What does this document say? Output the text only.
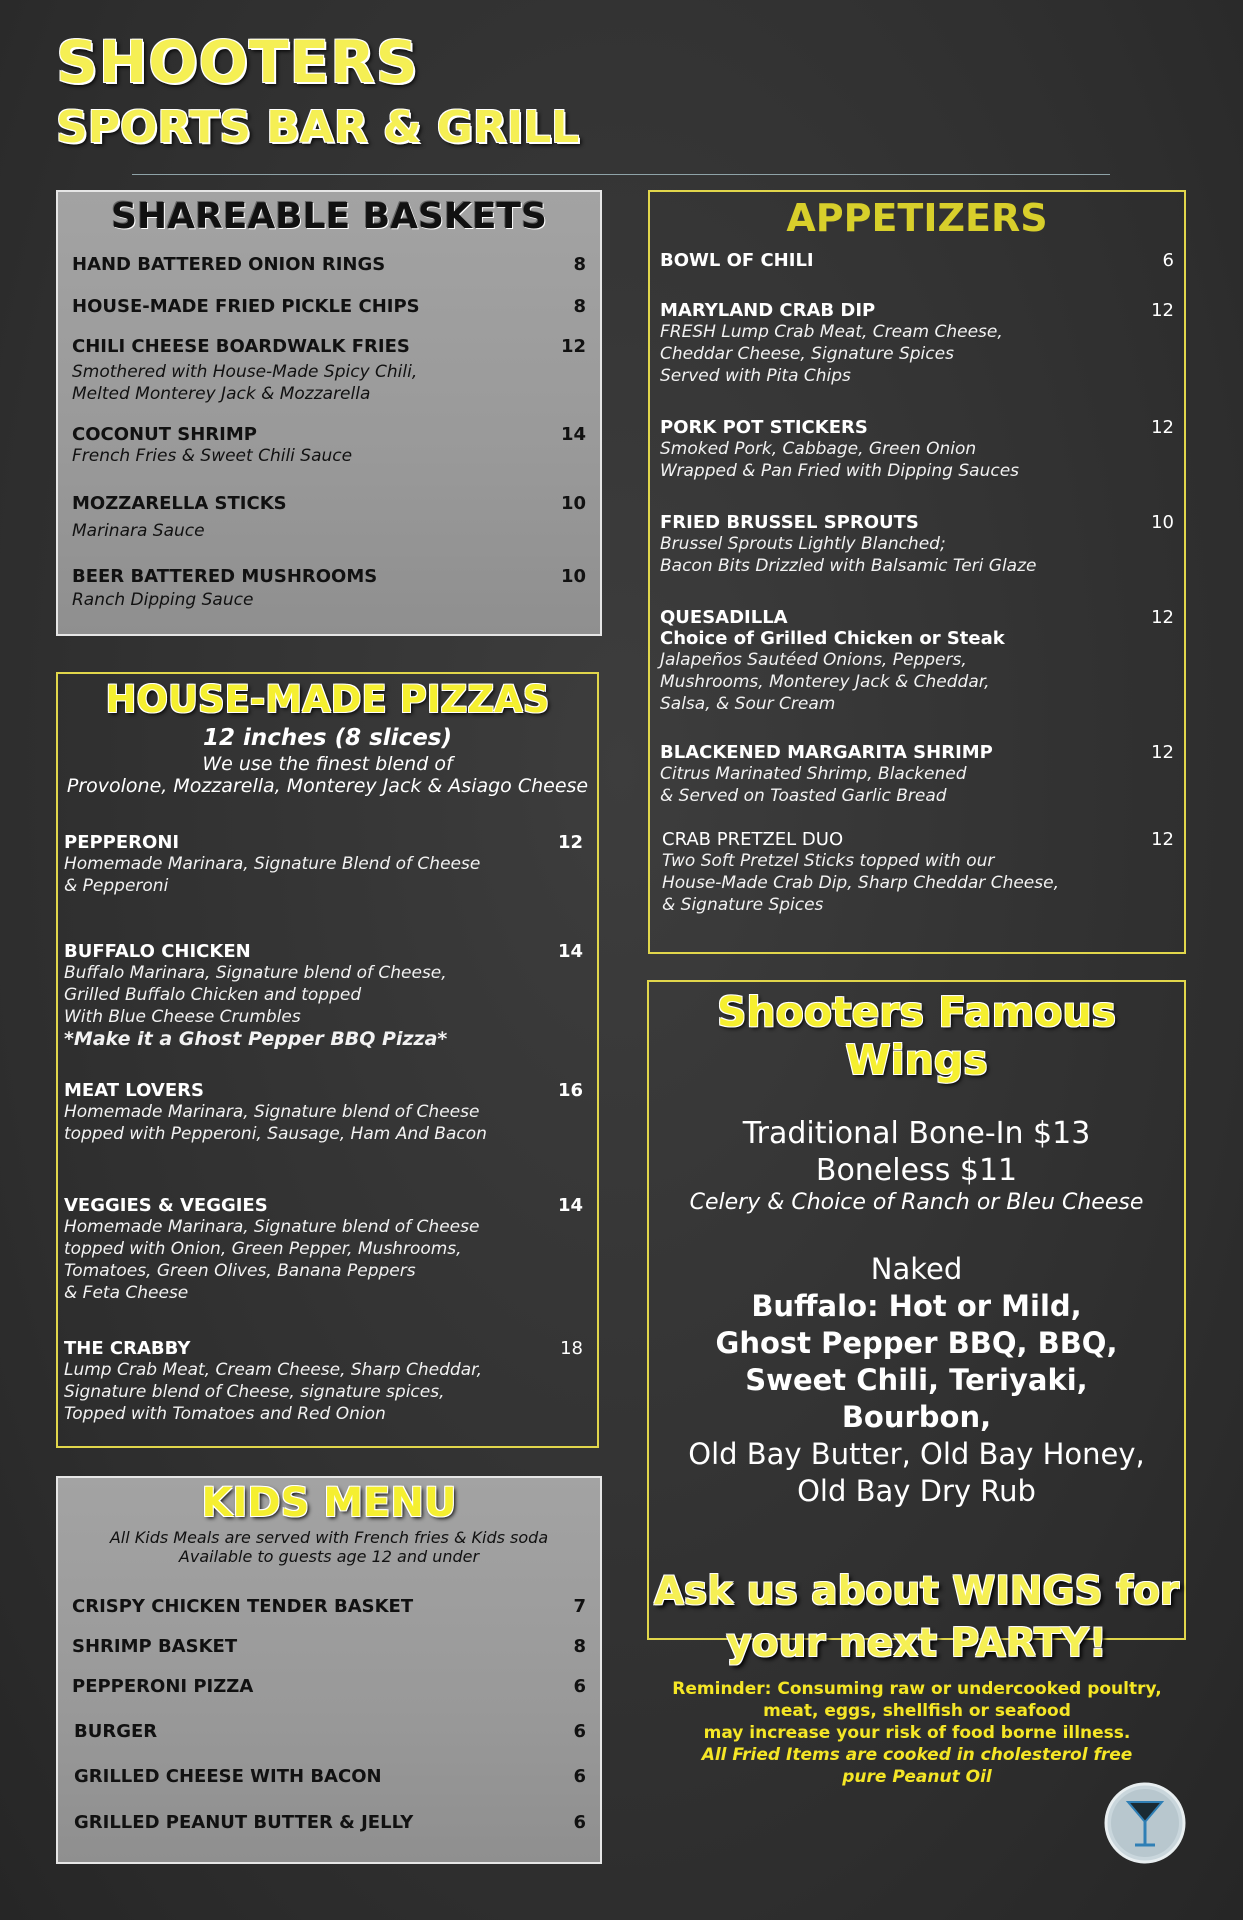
SHOOTERS
SPORTS BAR & GRILL
SHAREABLE BASKETS
HAND BATTERED ONION RINGS	8
HOUSE-MADE FRIED PICKLE CHIPS	8
CHILI CHEESE BOARDWALK FRIES	12
Smothered with House-Made Spicy Chili,
Melted Monterey Jack & Mozzarella
COCONUT SHRIMP	14
French Fries & Sweet Chili Sauce
MOZZARELLA STICKS	10
Marinara Sauce
BEER BATTERED MUSHROOMS	10
Ranch Dipping Sauce
HOUSE-MADE PIZZAS
12 inches (8 slices)
We use the finest blend of
Provolone, Mozzarella, Monterey Jack & Asiago Cheese
PEPPERONI	12
Homemade Marinara, Signature Blend of Cheese
& Pepperoni
BUFFALO CHICKEN	14
Buffalo Marinara, Signature blend of Cheese,
Grilled Buffalo Chicken and topped
With Blue Cheese Crumbles
*Make it a Ghost Pepper BBQ Pizza*
MEAT LOVERS	16
Homemade Marinara, Signature blend of Cheese
topped with Pepperoni, Sausage, Ham And Bacon
VEGGIES & VEGGIES	14
Homemade Marinara, Signature blend of Cheese
topped with Onion, Green Pepper, Mushrooms,
Tomatoes, Green Olives, Banana Peppers
& Feta Cheese
THE CRABBY	18
Lump Crab Meat, Cream Cheese, Sharp Cheddar,
Signature blend of Cheese, signature spices,
Topped with Tomatoes and Red Onion
KIDS MENU
All Kids Meals are served with French fries & Kids soda
Available to guests age 12 and under
CRISPY CHICKEN TENDER BASKET	7
SHRIMP BASKET	8
PEPPERONI PIZZA	6
BURGER	6
GRILLED CHEESE WITH BACON	6
GRILLED PEANUT BUTTER & JELLY	6
APPETIZERS
BOWL OF CHILI	6
MARYLAND CRAB DIP	12
FRESH Lump Crab Meat, Cream Cheese,
Cheddar Cheese, Signature Spices
Served with Pita Chips
PORK POT STICKERS	12
Smoked Pork, Cabbage, Green Onion
Wrapped & Pan Fried with Dipping Sauces
FRIED BRUSSEL SPROUTS	10
Brussel Sprouts Lightly Blanched;
Bacon Bits Drizzled with Balsamic Teri Glaze
QUESADILLA	12
Choice of Grilled Chicken or Steak
Jalapeños Sautéed Onions, Peppers,
Mushrooms, Monterey Jack & Cheddar,
Salsa, & Sour Cream
BLACKENED MARGARITA SHRIMP	12
Citrus Marinated Shrimp, Blackened
& Served on Toasted Garlic Bread
CRAB PRETZEL DUO	12
Two Soft Pretzel Sticks topped with our
House-Made Crab Dip, Sharp Cheddar Cheese,
& Signature Spices
Shooters Famous Wings
Traditional Bone-In $13
Boneless $11
Celery & Choice of Ranch or Bleu Cheese
Naked
Buffalo: Hot or Mild,
Ghost Pepper BBQ, BBQ,
Sweet Chili, Teriyaki,
Bourbon,
Old Bay Butter, Old Bay Honey,
Old Bay Dry Rub
Ask us about WINGS for
your next PARTY!
Reminder: Consuming raw or undercooked poultry,
meat, eggs, shellfish or seafood
may increase your risk of food borne illness.
All Fried Items are cooked in cholesterol free
pure Peanut Oil
